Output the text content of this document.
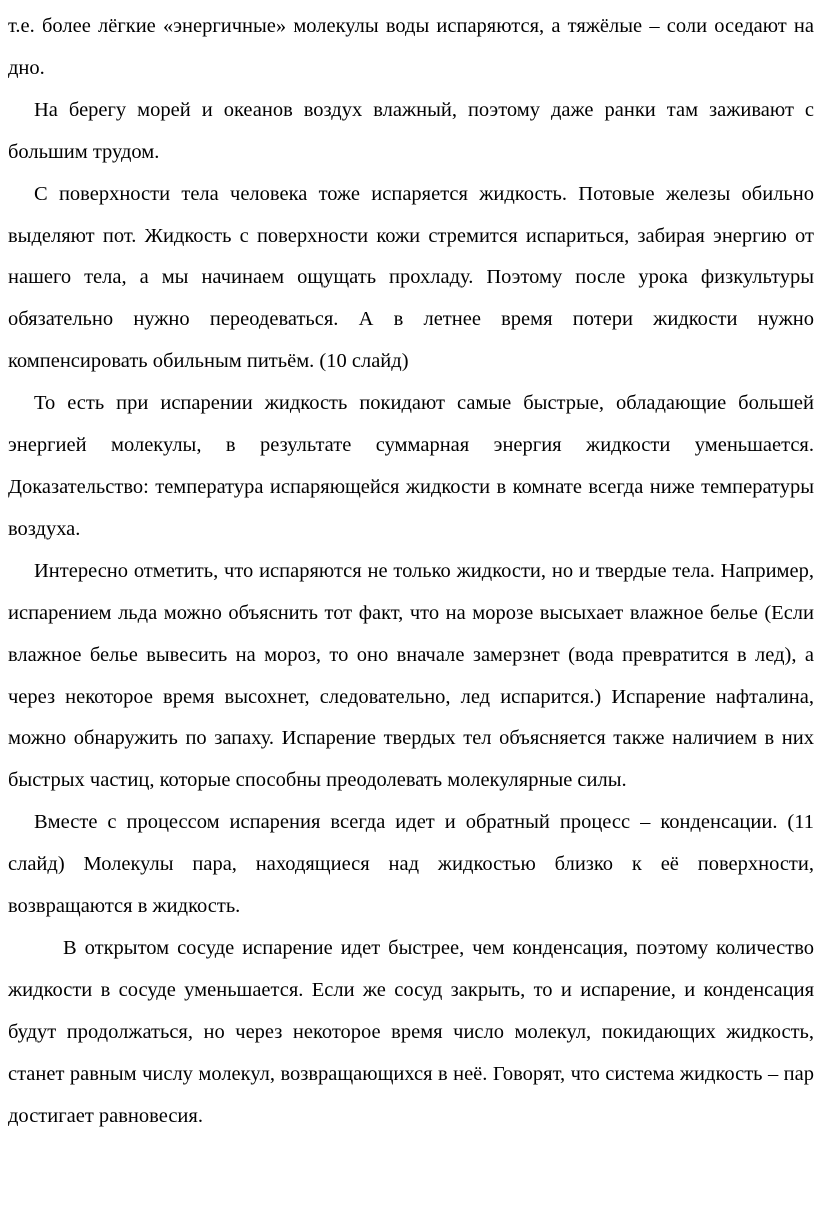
т.е. более лёгкие «энергичные» молекулы воды испаряются, а тяжёлые – соли оседают на дно.

На берегу морей и океанов воздух влажный, поэтому даже ранки там заживают с большим трудом.

С поверхности тела человека тоже испаряется жидкость. Потовые железы обильно выделяют пот. Жидкость с поверхности кожи стремится испариться, забирая энергию от нашего тела, а мы начинаем ощущать прохладу. Поэтому после урока физкультуры обязательно нужно переодеваться. А в летнее время потери жидкости нужно компенсировать обильным питьём. (10 слайд)

То есть при испарении жидкость покидают самые быстрые, обладающие большей энергией молекулы, в результате суммарная энергия жидкости уменьшается. Доказательство: температура испаряющейся жидкости в комнате всегда ниже температуры воздуха.

Интересно отметить, что испаряются не только жидкости, но и твердые тела. Например, испарением льда можно объяснить тот факт, что на морозе высыхает влажное белье (Если влажное белье вывесить на мороз, то оно вначале замерзнет (вода превратится в лед), а через некоторое время высохнет, следовательно, лед испарится.) Испарение нафталина, можно обнаружить по запаху. Испарение твердых тел объясняется также наличием в них быстрых частиц, которые способны преодолевать молекулярные силы.

Вместе с процессом испарения всегда идет и обратный процесс – конденсации. (11 слайд) Молекулы пара, находящиеся над жидкостью близко к её поверхности, возвращаются в жидкость.

В открытом сосуде испарение идет быстрее, чем конденсация, поэтому количество жидкости в сосуде уменьшается. Если же сосуд закрыть, то и испарение, и конденсация будут продолжаться, но через некоторое время число молекул, покидающих жидкость, станет равным числу молекул, возвращающихся в неё. Говорят, что система жидкость – пар достигает равновесия.
